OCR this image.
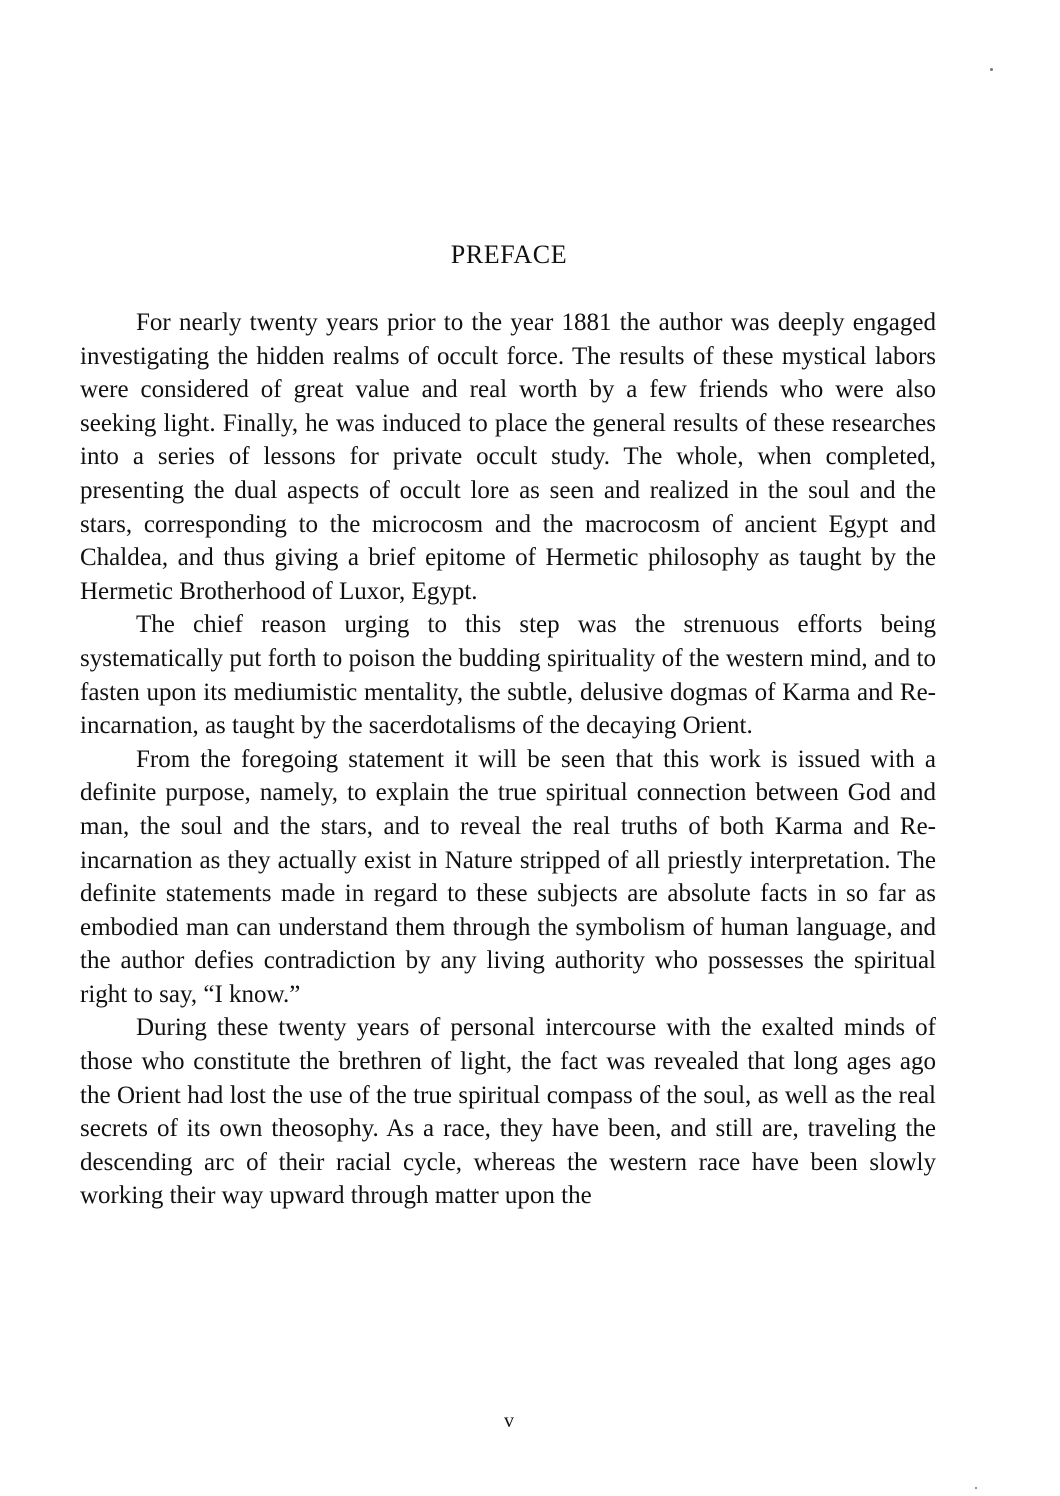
PREFACE

For nearly twenty years prior to the year 1881 the author was deeply engaged investigating the hidden realms of occult force. The results of these mystical labors were considered of great value and real worth by a few friends who were also seeking light. Finally, he was induced to place the general results of these researches into a series of lessons for private occult study. The whole, when completed, presenting the dual aspects of occult lore as seen and realized in the soul and the stars, corresponding to the microcosm and the macrocosm of ancient Egypt and Chaldea, and thus giving a brief epitome of Hermetic philosophy as taught by the Hermetic Brotherhood of Luxor, Egypt.

The chief reason urging to this step was the strenuous efforts being systematically put forth to poison the budding spirituality of the western mind, and to fasten upon its mediumistic mentality, the subtle, delusive dogmas of Karma and Re-incarnation, as taught by the sacerdotalisms of the decaying Orient.

From the foregoing statement it will be seen that this work is issued with a definite purpose, namely, to explain the true spiritual connection between God and man, the soul and the stars, and to reveal the real truths of both Karma and Re-incarnation as they actually exist in Nature stripped of all priestly interpretation. The definite statements made in regard to these subjects are absolute facts in so far as embodied man can understand them through the symbolism of human language, and the author defies contradiction by any living authority who possesses the spiritual right to say, “I know.”

During these twenty years of personal intercourse with the exalted minds of those who constitute the brethren of light, the fact was revealed that long ages ago the Orient had lost the use of the true spiritual compass of the soul, as well as the real secrets of its own theosophy. As a race, they have been, and still are, traveling the descending arc of their racial cycle, whereas the western race have been slowly working their way upward through matter upon the

v
